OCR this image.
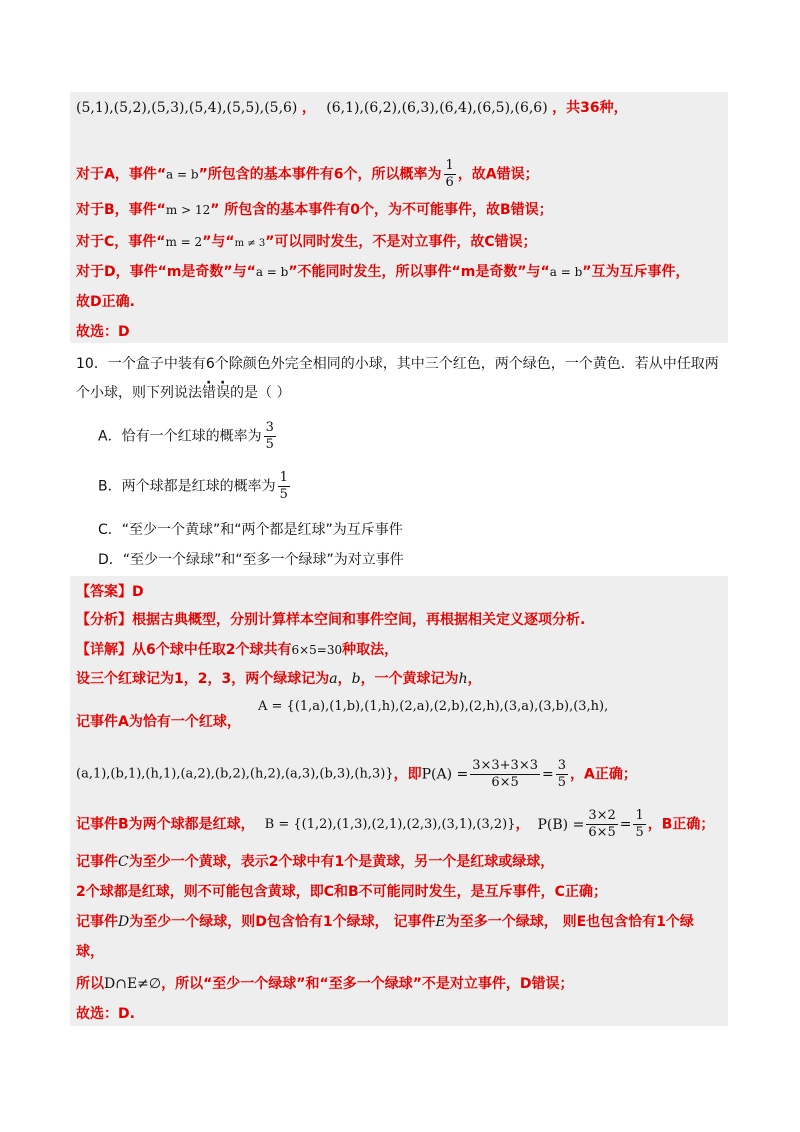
(5,1),(5,2),(5,3),(5,4),(5,5),(5,6) ， (6,1),(6,2),(6,3),(6,4),(6,5),(6,6) ，共36种，
对于A，事件“a = b”所包含的基本事件有6个，所以概率为 $\frac{1}{6}$ ，故A错误；
对于B，事件“m > 12” 所包含的基本事件有0个，为不可能事件，故B错误；
对于C，事件“m = 2”与“m ≠ 3”可以同时发生，不是对立事件，故C错误；
对于D，事件“m是奇数”与“a = b”不能同时发生，所以事件“m是奇数”与“a = b”互为互斥事件，
故D正确.
故选：D
10．一个盒子中装有6个除颜色外完全相同的小球，其中三个红色，两个绿色，一个黄色．若从中任取两
个小球，则下列说法错误的是（ ）
A．恰有一个红球的概率为 $\frac{3}{5}$
B．两个球都是红球的概率为 $\frac{1}{5}$
C．“至少一个黄球”和“两个都是红球”为互斥事件
D．“至少一个绿球”和“至多一个绿球”为对立事件
【答案】D
【分析】根据古典概型，分别计算样本空间和事件空间，再根据相关定义逐项分析.
【详解】从6个球中任取2个球共有6×5=30种取法，
设三个红球记为1，2，3，两个绿球记为a，b，一个黄球记为h，
A = {(1,a),(1,b),(1,h),(2,a),(2,b),(2,h),(3,a),(3,b),(3,h),
记事件A为恰有一个红球，
(a,1),(b,1),(h,1),(a,2),(b,2),(h,2),(a,3),(b,3),(h,3)}，即$P(A) = \frac{3\times 3+3\times 3}{6\times 5} = \frac{3}{5}$ ，A正确；
记事件B为两个球都是红球， B = {(1,2),(1,3),(2,1),(2,3),(3,1),(3,2)}， $P(B) = \frac{3\times 2}{6\times 5} = \frac{1}{5}$ ，B正确；
记事件C为至少一个黄球，表示2个球中有1个是黄球，另一个是红球或绿球，
2个球都是红球，则不可能包含黄球，即C和B不可能同时发生，是互斥事件，C正确；
记事件D为至少一个绿球，则D包含恰有1个绿球， 记事件E为至多一个绿球， 则E也包含恰有1个绿
球，
所以D∩E≠∅，所以“至少一个绿球”和“至多一个绿球”不是对立事件，D错误；
故选：D.
